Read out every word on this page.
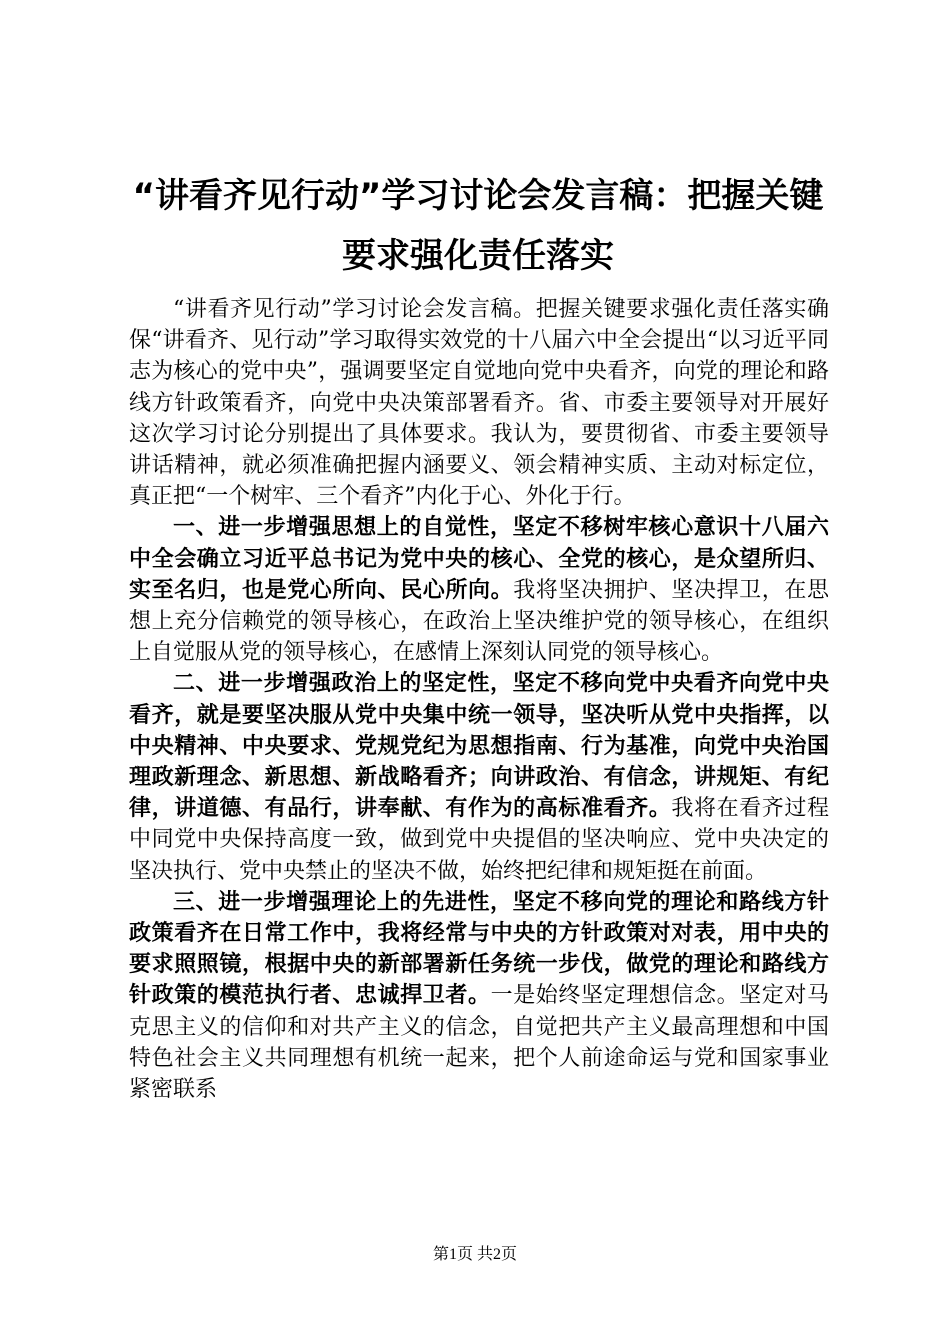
“讲看齐见行动”学习讨论会发言稿：把握关键要求强化责任落实

“讲看齐见行动”学习讨论会发言稿。把握关键要求强化责任落实确保“讲看齐、见行动”学习取得实效党的十八届六中全会提出“以习近平同志为核心的党中央”，强调要坚定自觉地向党中央看齐，向党的理论和路线方针政策看齐，向党中央决策部署看齐。省、市委主要领导对开展好这次学习讨论分别提出了具体要求。我认为，要贯彻省、市委主要领导讲话精神，就必须准确把握内涵要义、领会精神实质、主动对标定位，真正把“一个树牢、三个看齐”内化于心、外化于行。

一、进一步增强思想上的自觉性，坚定不移树牢核心意识十八届六中全会确立习近平总书记为党中央的核心、全党的核心，是众望所归、实至名归，也是党心所向、民心所向。我将坚决拥护、坚决捍卫，在思想上充分信赖党的领导核心，在政治上坚决维护党的领导核心，在组织上自觉服从党的领导核心，在感情上深刻认同党的领导核心。

二、进一步增强政治上的坚定性，坚定不移向党中央看齐向党中央看齐，就是要坚决服从党中央集中统一领导，坚决听从党中央指挥，以中央精神、中央要求、党规党纪为思想指南、行为基准，向党中央治国理政新理念、新思想、新战略看齐；向讲政治、有信念，讲规矩、有纪律，讲道德、有品行，讲奉献、有作为的高标准看齐。我将在看齐过程中同党中央保持高度一致，做到党中央提倡的坚决响应、党中央决定的坚决执行、党中央禁止的坚决不做，始终把纪律和规矩挺在前面。

三、进一步增强理论上的先进性，坚定不移向党的理论和路线方针政策看齐在日常工作中，我将经常与中央的方针政策对对表，用中央的要求照照镜，根据中央的新部署新任务统一步伐，做党的理论和路线方针政策的模范执行者、忠诚捍卫者。一是始终坚定理想信念。坚定对马克思主义的信仰和对共产主义的信念，自觉把共产主义最高理想和中国特色社会主义共同理想有机统一起来，把个人前途命运与党和国家事业紧密联系

第1页 共2页
